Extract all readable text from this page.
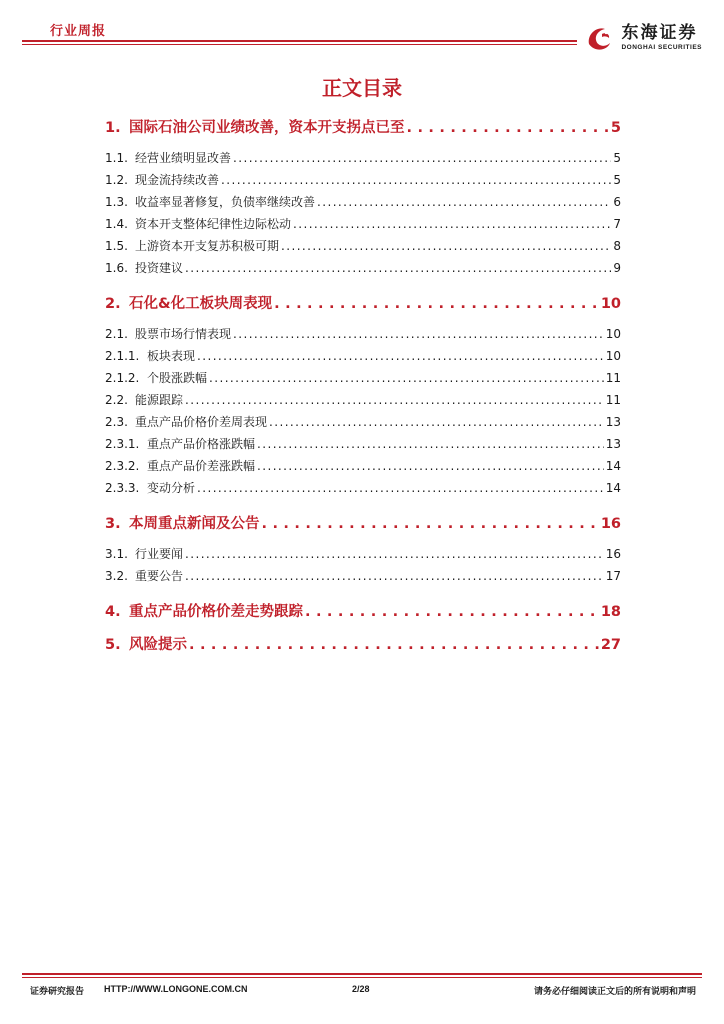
行业周报	东海证券
DONGHAI SECURITIES
正文目录
1. 国际石油公司业绩改善，资本开支拐点已至 . . .	5
1.1. 经营业绩明显改善 . . .	5
1.2. 现金流持续改善 . . .	5
1.3. 收益率显著修复，负债率继续改善 . . .	6
1.4. 资本开支整体纪律性边际松动 . . .	7
1.5. 上游资本开支复苏积极可期 . . .	8
1.6. 投资建议 . . .	9
2. 石化&化工板块周表现 . . .	10
2.1. 股票市场行情表现 . . .	10
2.1.1. 板块表现 . . .	10
2.1.2. 个股涨跌幅 . . .	11
2.2. 能源跟踪 . . .	11
2.3. 重点产品价格价差周表现 . . .	13
2.3.1. 重点产品价格涨跌幅 . . .	13
2.3.2. 重点产品价差涨跌幅 . . .	14
2.3.3. 变动分析 . . .	14
3. 本周重点新闻及公告 . . .	16
3.1. 行业要闻 . . .	16
3.2. 重要公告 . . .	17
4. 重点产品价格价差走势跟踪 . . .	18
5. 风险提示 . . .	27
证券研究报告 HTTP://WWW.LONGONE.COM.CN	2/28	请务必仔细阅读正文后的所有说明和声明
